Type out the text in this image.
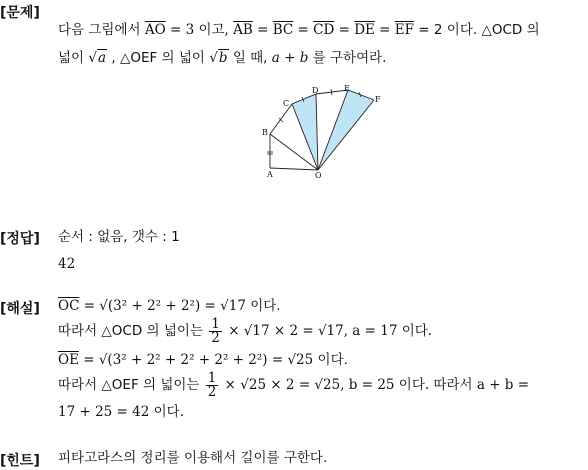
[문제]
다음 그림에서 $\overline{AO} = 3$ 이고, $\overline{AB} = \overline{BC} = \overline{CD} = \overline{DE} = \overline{EF} = 2$ 이다. △OCD 의
넓이 √a , △OEF 의 넓이 √b 일 때, a + b 를 구하여라.
A
B
C
D	E
F
O
[정답] 순서 : 없음, 갯수 : 1
42
[해설] $\overline{OC} = √(3^2 + 2^2 + 2^2) = √17$ 이다.
따라서 △OCD 의 넓이는 $\frac{1}{2} \times √17 \times 2 = √17$, a = 17 이다.
$\overline{OE} = √(3^2 + 2^2 + 2^2 + 2^2 + 2^2) = √25$ 이다.
따라서 △OEF 의 넓이는 $\frac{1}{2} \times √25 \times 2 = √25$, b = 25 이다. 따라서 a + b =
17 + 25 = 42 이다.
[힌트] 피타고라스의 정리를 이용해서 길이를 구한다.
